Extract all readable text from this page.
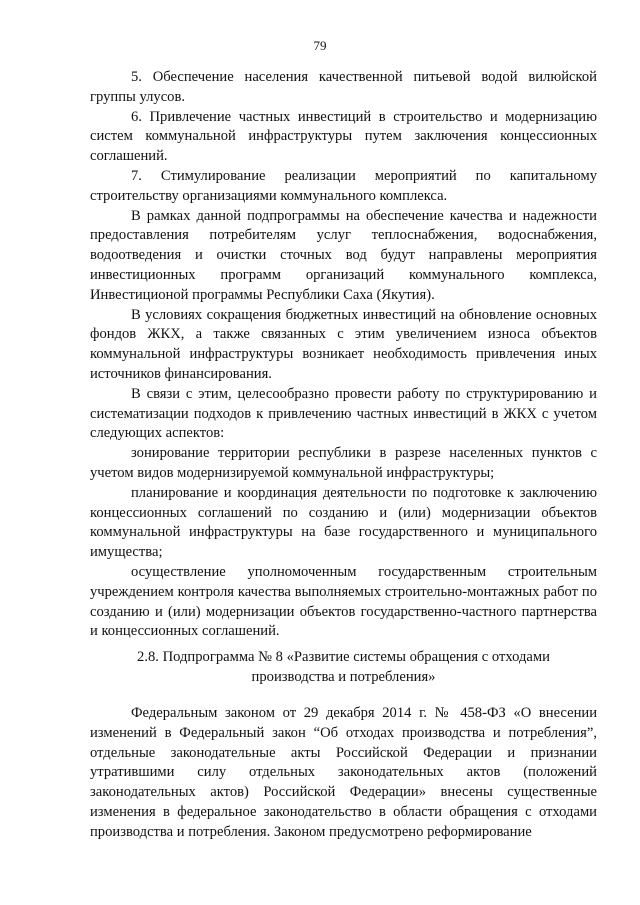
79

5. Обеспечение населения качественной питьевой водой вилюйской группы улусов.

6. Привлечение частных инвестиций в строительство и модернизацию систем коммунальной инфраструктуры путем заключения концессионных соглашений.

7. Стимулирование реализации мероприятий по капитальному строительству организациями коммунального комплекса.

В рамках данной подпрограммы на обеспечение качества и надежности предоставления потребителям услуг теплоснабжения, водоснабжения, водоотведения и очистки сточных вод будут направлены мероприятия инвестиционных программ организаций коммунального комплекса, Инвестиционой программы Республики Саха (Якутия).

В условиях сокращения бюджетных инвестиций на обновление основных фондов ЖКХ, а также связанных с этим увеличением износа объектов коммунальной инфраструктуры возникает необходимость привлечения иных источников финансирования.

В связи с этим, целесообразно провести работу по структурированию и систематизации подходов к привлечению частных инвестиций в ЖКХ с учетом следующих аспектов:

зонирование территории республики в разрезе населенных пунктов с учетом видов модернизируемой коммунальной инфраструктуры;

планирование и координация деятельности по подготовке к заключению концессионных соглашений по созданию и (или) модернизации объектов коммунальной инфраструктуры на базе государственного и муниципального имущества;

осуществление уполномоченным государственным строительным учреждением контроля качества выполняемых строительно-монтажных работ по созданию и (или) модернизации объектов государственно-частного партнерства и концессионных соглашений.

2.8. Подпрограмма № 8 «Развитие системы обращения с отходами
производства и потребления»

Федеральным законом от 29 декабря 2014 г. № 458-ФЗ «О внесении изменений в Федеральный закон “Об отходах производства и потребления”, отдельные законодательные акты Российской Федерации и признании утратившими силу отдельных законодательных актов (положений законодательных актов) Российской Федерации» внесены существенные изменения в федеральное законодательство в области обращения с отходами производства и потребления. Законом предусмотрено реформирование
